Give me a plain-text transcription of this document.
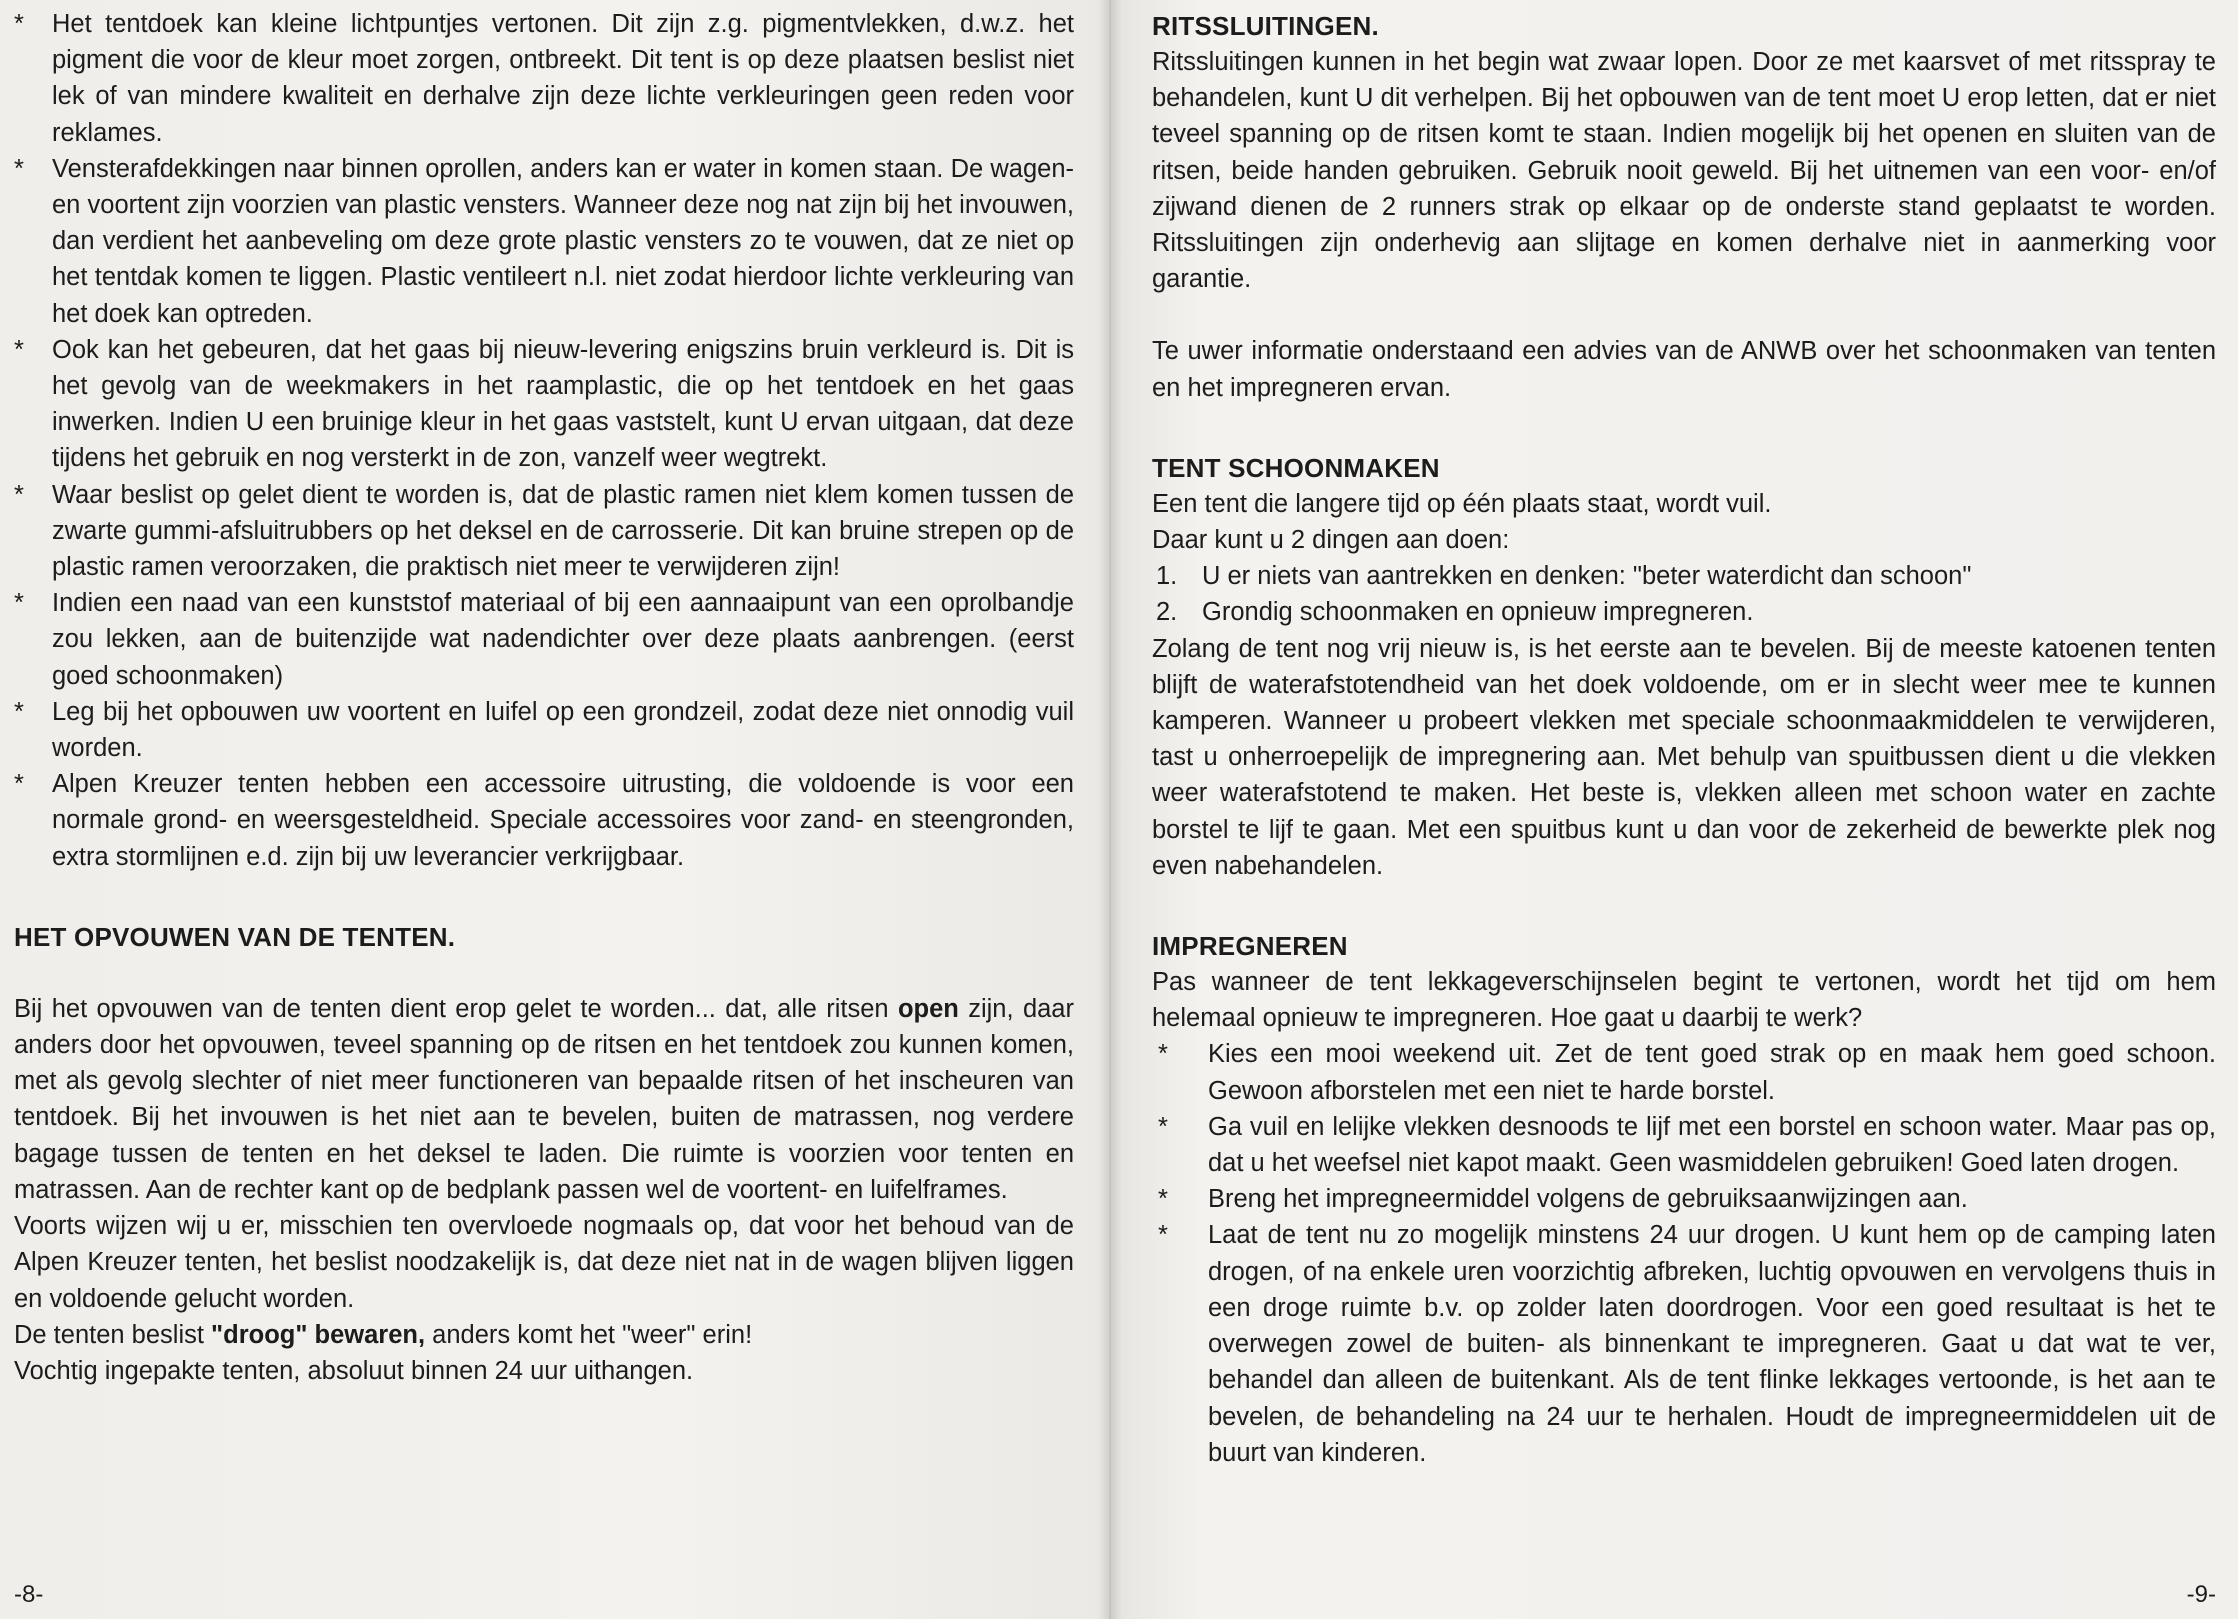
*	Het tentdoek kan kleine lichtpuntjes vertonen. Dit zijn z.g. pigmentvlekken, d.w.z. het pigment die voor de kleur moet zorgen, ontbreekt. Dit tent is op deze plaatsen beslist niet lek of van mindere kwaliteit en derhalve zijn deze lichte verkleuringen geen reden voor reklames.
*	Vensterafdekkingen naar binnen oprollen, anders kan er water in komen staan. De wagen- en voortent zijn voorzien van plastic vensters. Wanneer deze nog nat zijn bij het invouwen, dan verdient het aanbeveling om deze grote plastic vensters zo te vouwen, dat ze niet op het tentdak komen te liggen. Plastic ventileert n.l. niet zodat hierdoor lichte verkleuring van het doek kan optreden.
*	Ook kan het gebeuren, dat het gaas bij nieuw-levering enigszins bruin verkleurd is. Dit is het gevolg van de weekmakers in het raamplastic, die op het tentdoek en het gaas inwerken. Indien U een bruinige kleur in het gaas vaststelt, kunt U ervan uitgaan, dat deze tijdens het gebruik en nog versterkt in de zon, vanzelf weer wegtrekt.
*	Waar beslist op gelet dient te worden is, dat de plastic ramen niet klem komen tussen de zwarte gummi-afsluitrubbers op het deksel en de carrosserie. Dit kan bruine strepen op de plastic ramen veroorzaken, die praktisch niet meer te verwijderen zijn!
*	Indien een naad van een kunststof materiaal of bij een aannaaipunt van een oprolbandje zou lekken, aan de buitenzijde wat nadendichter over deze plaats aanbrengen. (eerst goed schoonmaken)
*	Leg bij het opbouwen uw voortent en luifel op een grondzeil, zodat deze niet onnodig vuil worden.
*	Alpen Kreuzer tenten hebben een accessoire uitrusting, die voldoende is voor een normale grond- en weersgesteldheid. Speciale accessoires voor zand- en steengronden, extra stormlijnen e.d. zijn bij uw leverancier verkrijgbaar.
HET OPVOUWEN VAN DE TENTEN.

Bij het opvouwen van de tenten dient erop gelet te worden... dat, alle ritsen open zijn, daar anders door het opvouwen, teveel spanning op de ritsen en het tentdoek zou kunnen komen, met als gevolg slechter of niet meer functioneren van bepaalde ritsen of het inscheuren van tentdoek. Bij het invouwen is het niet aan te bevelen, buiten de matrassen, nog verdere bagage tussen de tenten en het deksel te laden. Die ruimte is voorzien voor tenten en matrassen. Aan de rechter kant op de bedplank passen wel de voortent- en luifelframes.

Voorts wijzen wij u er, misschien ten overvloede nogmaals op, dat voor het behoud van de Alpen Kreuzer tenten, het beslist noodzakelijk is, dat deze niet nat in de wagen blijven liggen en voldoende gelucht worden.

De tenten beslist "droog" bewaren, anders komt het "weer" erin!

Vochtig ingepakte tenten, absoluut binnen 24 uur uithangen.

-8-
RITSSLUITINGEN.

Ritssluitingen kunnen in het begin wat zwaar lopen. Door ze met kaarsvet of met ritsspray te behandelen, kunt U dit verhelpen. Bij het opbouwen van de tent moet U erop letten, dat er niet teveel spanning op de ritsen komt te staan. Indien mogelijk bij het openen en sluiten van de ritsen, beide handen gebruiken. Gebruik nooit geweld. Bij het uitnemen van een voor- en/of zijwand dienen de 2 runners strak op elkaar op de onderste stand geplaatst te worden. Ritssluitingen zijn onderhevig aan slijtage en komen derhalve niet in aanmerking voor garantie.

Te uwer informatie onderstaand een advies van de ANWB over het schoonmaken van tenten en het impregneren ervan.

TENT SCHOONMAKEN

Een tent die langere tijd op één plaats staat, wordt vuil.

Daar kunt u 2 dingen aan doen:

1. U er niets van aantrekken en denken: "beter waterdicht dan schoon"
2. Grondig schoonmaken en opnieuw impregneren.

Zolang de tent nog vrij nieuw is, is het eerste aan te bevelen. Bij de meeste katoenen tenten blijft de waterafstotendheid van het doek voldoende, om er in slecht weer mee te kunnen kamperen. Wanneer u probeert vlekken met speciale schoonmaakmiddelen te verwijderen, tast u onherroepelijk de impregnering aan. Met behulp van spuitbussen dient u die vlekken weer waterafstotend te maken. Het beste is, vlekken alleen met schoon water en zachte borstel te lijf te gaan. Met een spuitbus kunt u dan voor de zekerheid de bewerkte plek nog even nabehandelen.

IMPREGNEREN

Pas wanneer de tent lekkageverschijnselen begint te vertonen, wordt het tijd om hem helemaal opnieuw te impregneren. Hoe gaat u daarbij te werk?

*	Kies een mooi weekend uit. Zet de tent goed strak op en maak hem goed schoon. Gewoon afborstelen met een niet te harde borstel.
*	Ga vuil en lelijke vlekken desnoods te lijf met een borstel en schoon water. Maar pas op, dat u het weefsel niet kapot maakt. Geen wasmiddelen gebruiken! Goed laten drogen.
*	Breng het impregneermiddel volgens de gebruiksaanwijzingen aan.
*	Laat de tent nu zo mogelijk minstens 24 uur drogen. U kunt hem op de camping laten drogen, of na enkele uren voorzichtig afbreken, luchtig opvouwen en vervolgens thuis in een droge ruimte b.v. op zolder laten doordrogen. Voor een goed resultaat is het te overwegen zowel de buiten- als binnenkant te impregneren. Gaat u dat wat te ver, behandel dan alleen de buitenkant. Als de tent flinke lekkages vertoonde, is het aan te bevelen, de behandeling na 24 uur te herhalen. Houdt de impregneermiddelen uit de buurt van kinderen.
-9-
